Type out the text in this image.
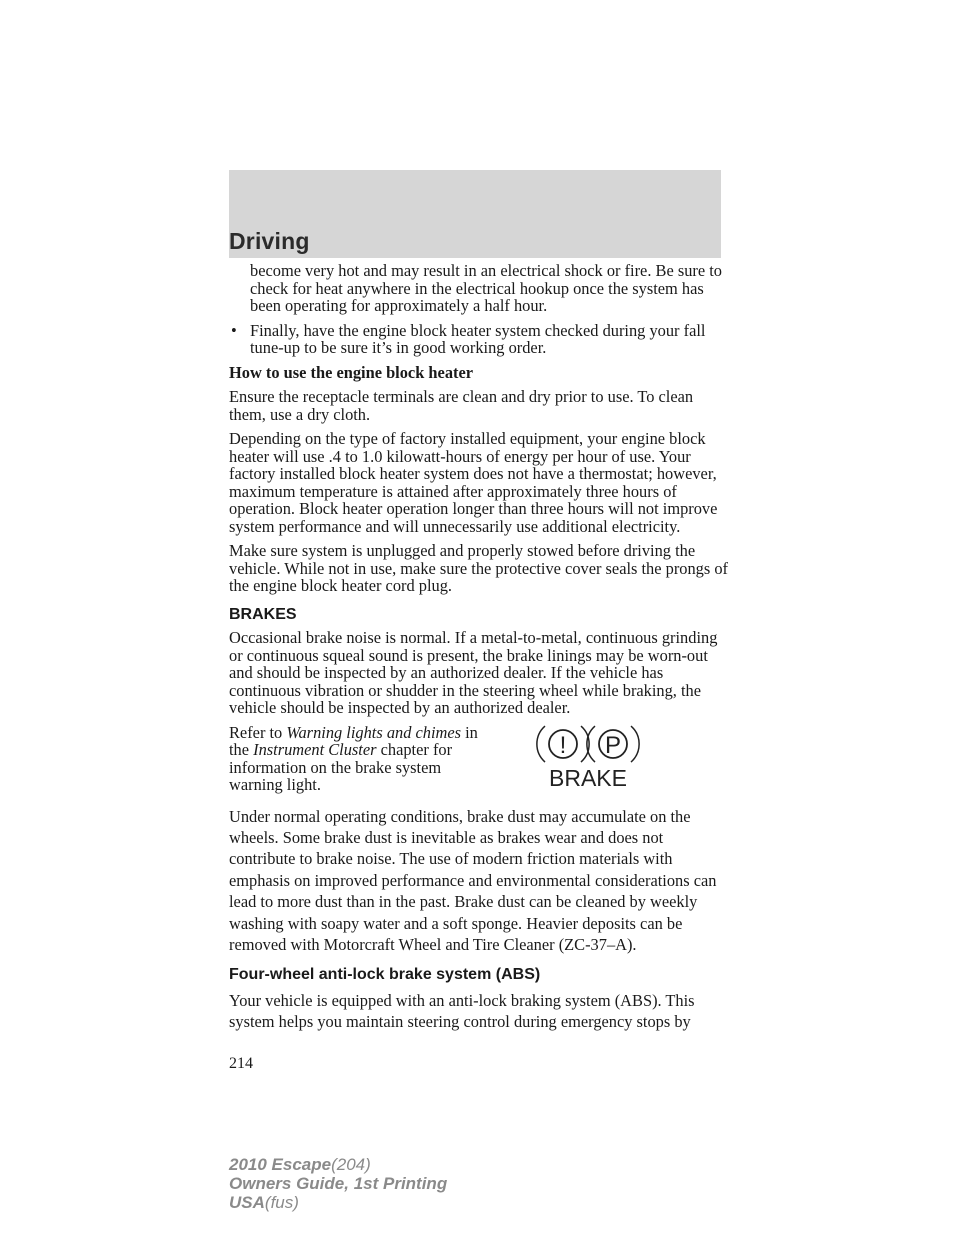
Driving

become very hot and may result in an electrical shock or fire. Be sure to check for heat anywhere in the electrical hookup once the system has been operating for approximately a half hour.

• Finally, have the engine block heater system checked during your fall tune-up to be sure it’s in good working order.

How to use the engine block heater

Ensure the receptacle terminals are clean and dry prior to use. To clean them, use a dry cloth.

Depending on the type of factory installed equipment, your engine block heater will use .4 to 1.0 kilowatt-hours of energy per hour of use. Your factory installed block heater system does not have a thermostat; however, maximum temperature is attained after approximately three hours of operation. Block heater operation longer than three hours will not improve system performance and will unnecessarily use additional electricity.

Make sure system is unplugged and properly stowed before driving the vehicle. While not in use, make sure the protective cover seals the prongs of the engine block heater cord plug.

BRAKES

Occasional brake noise is normal. If a metal-to-metal, continuous grinding or continuous squeal sound is present, the brake linings may be worn-out and should be inspected by an authorized dealer. If the vehicle has continuous vibration or shudder in the steering wheel while braking, the vehicle should be inspected by an authorized dealer.

Refer to Warning lights and chimes in the Instrument Cluster chapter for information on the brake system warning light.
! P
BRAKE

Under normal operating conditions, brake dust may accumulate on the wheels. Some brake dust is inevitable as brakes wear and does not contribute to brake noise. The use of modern friction materials with emphasis on improved performance and environmental considerations can lead to more dust than in the past. Brake dust can be cleaned by weekly washing with soapy water and a soft sponge. Heavier deposits can be removed with Motorcraft Wheel and Tire Cleaner (ZC-37–A).

Four-wheel anti-lock brake system (ABS)

Your vehicle is equipped with an anti-lock braking system (ABS). This system helps you maintain steering control during emergency stops by

214
2010 Escape(204)
Owners Guide, 1st Printing
USA(fus)
